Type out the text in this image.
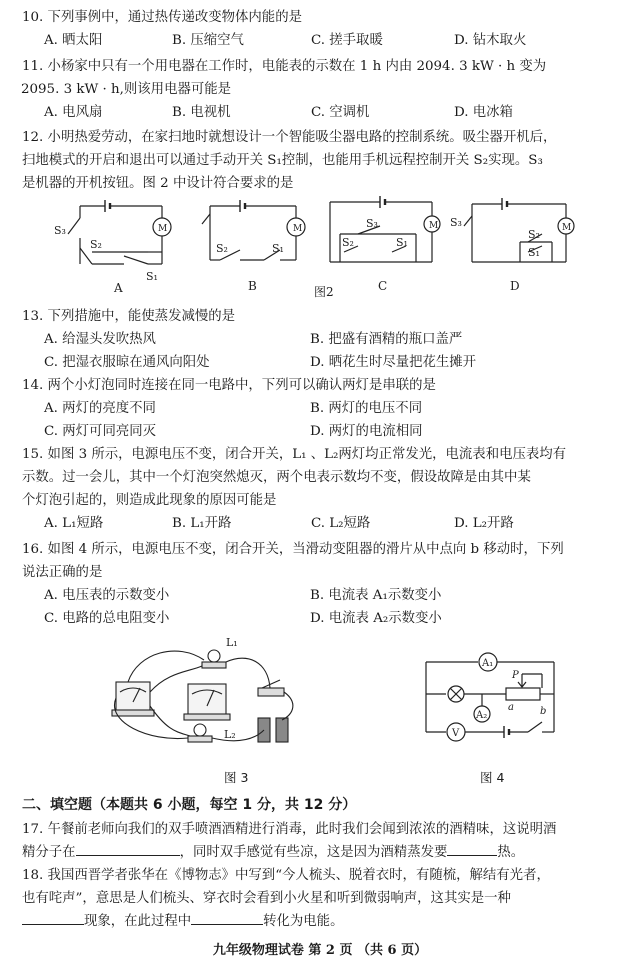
10. 下列事例中，通过热传递改变物体内能的是
A. 晒太阳	B. 压缩空气	C. 搓手取暖	D. 钻木取火
11. 小杨家中只有一个用电器在工作时，电能表的示数在 1 h 内由 2094. 3 kW · h 变为
2095. 3 kW · h,则该用电器可能是
A. 电风扇	B. 电视机	C. 空调机	D. 电冰箱
12. 小明热爱劳动，在家扫地时就想设计一个智能吸尘器电路的控制系统。吸尘器开机后，
扫地模式的开启和退出可以通过手动开关 S₁控制，也能用手机远程控制开关 S₂实现。S₃
是机器的开机按钮。图 2 中设计符合要求的是
S₃
S₂
S₁
M
S₂	S₁
M	S₃
S₂	S₁
M S₃
S₂
S₁
M
A	B	图2	C	D
13. 下列措施中，能使蒸发减慢的是
A. 给湿头发吹热风	B. 把盛有酒精的瓶口盖严
C. 把湿衣服晾在通风向阳处	D. 晒花生时尽量把花生摊开
14. 两个小灯泡同时连接在同一电路中，下列可以确认两灯是串联的是
A. 两灯的亮度不同	B. 两灯的电压不同
C. 两灯可同亮同灭	D. 两灯的电流相同
15. 如图 3 所示，电源电压不变，闭合开关，L₁ 、L₂两灯均正常发光，电流表和电压表均有
示数。过一会儿，其中一个灯泡突然熄灭，两个电表示数均不变，假设故障是由其中某
个灯泡引起的，则造成此现象的原因可能是
A. L₁短路	B. L₁开路	C. L₂短路	D. L₂开路
16. 如图 4 所示，电源电压不变，闭合开关，当滑动变阻器的滑片从中点向 b 移动时，下列
说法正确的是
A. 电压表的示数变小	B. 电流表 A₁示数变小
C. 电路的总电阻变小	D. 电流表 A₂示数变小
L₁
L₂
图 3
A₁
A₂
V
P
a	b
图 4
二、填空题（本题共 6 小题，每空 1 分，共 12 分）
17. 午餐前老师向我们的双手喷酒酒精进行消毒，此时我们会闻到浓浓的酒精味，这说明酒
精分子在	，同时双手感觉有些凉，这是因为酒精蒸发要	热。
18. 我国西晋学者张华在《博物志》中写到“今人梳头、脱着衣时，有随梳，解结有光者，
也有咤声”，意思是人们梳头、穿衣时会看到小火星和听到微弱响声，这其实是一种
现象，在此过程中	转化为电能。
九年级物理试卷 第 2 页 （共 6 页）
